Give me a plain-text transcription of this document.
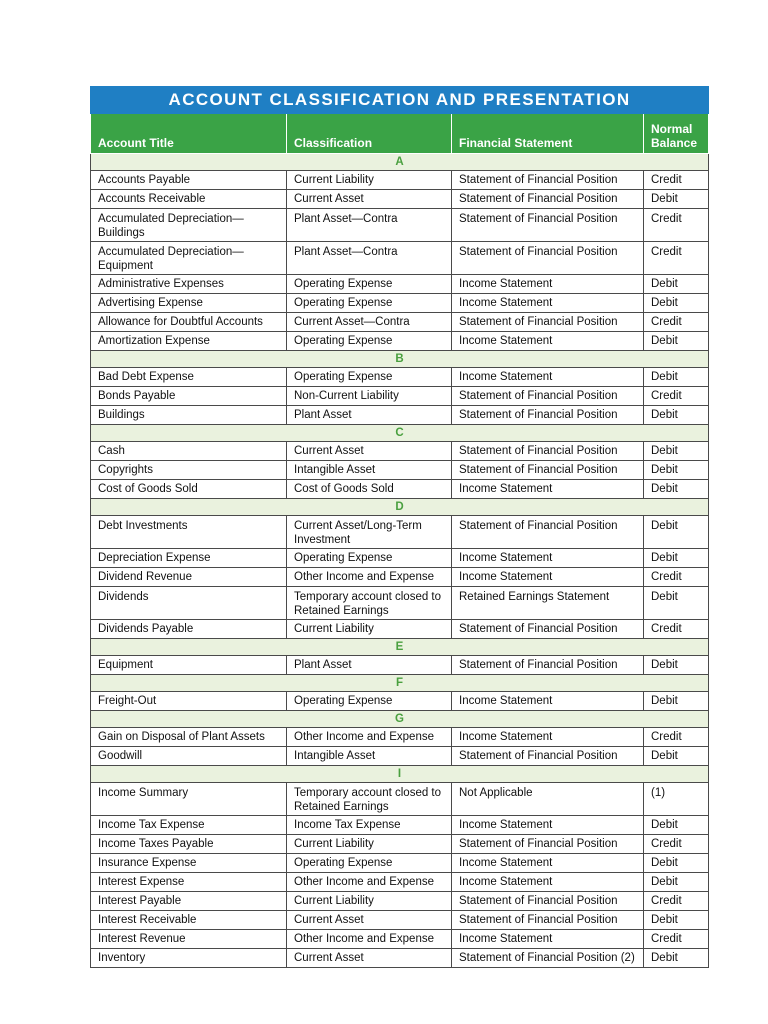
ACCOUNT CLASSIFICATION AND PRESENTATION			
Account Title	Classification	Financial Statement	Normal Balance
A			
Accounts Payable	Current Liability	Statement of Financial Position	Credit
Accounts Receivable	Current Asset	Statement of Financial Position	Debit
Accumulated Depreciation—Buildings	Plant Asset—Contra	Statement of Financial Position	Credit
Accumulated Depreciation—Equipment	Plant Asset—Contra	Statement of Financial Position	Credit
Administrative Expenses	Operating Expense	Income Statement	Debit
Advertising Expense	Operating Expense	Income Statement	Debit
Allowance for Doubtful Accounts	Current Asset—Contra	Statement of Financial Position	Credit
Amortization Expense	Operating Expense	Income Statement	Debit
B			
Bad Debt Expense	Operating Expense	Income Statement	Debit
Bonds Payable	Non-Current Liability	Statement of Financial Position	Credit
Buildings	Plant Asset	Statement of Financial Position	Debit
C			
Cash	Current Asset	Statement of Financial Position	Debit
Copyrights	Intangible Asset	Statement of Financial Position	Debit
Cost of Goods Sold	Cost of Goods Sold	Income Statement	Debit
D			
Debt Investments	Current Asset/Long-Term Investment	Statement of Financial Position	Debit
Depreciation Expense	Operating Expense	Income Statement	Debit
Dividend Revenue	Other Income and Expense	Income Statement	Credit
Dividends	Temporary account closed to Retained Earnings	Retained Earnings Statement	Debit
Dividends Payable	Current Liability	Statement of Financial Position	Credit
E			
Equipment	Plant Asset	Statement of Financial Position	Debit
F			
Freight-Out	Operating Expense	Income Statement	Debit
G			
Gain on Disposal of Plant Assets	Other Income and Expense	Income Statement	Credit
Goodwill	Intangible Asset	Statement of Financial Position	Debit
I			
Income Summary	Temporary account closed to Retained Earnings	Not Applicable	(1)
Income Tax Expense	Income Tax Expense	Income Statement	Debit
Income Taxes Payable	Current Liability	Statement of Financial Position	Credit
Insurance Expense	Operating Expense	Income Statement	Debit
Interest Expense	Other Income and Expense	Income Statement	Debit
Interest Payable	Current Liability	Statement of Financial Position	Credit
Interest Receivable	Current Asset	Statement of Financial Position	Debit
Interest Revenue	Other Income and Expense	Income Statement	Credit
Inventory	Current Asset	Statement of Financial Position (2)	Debit
